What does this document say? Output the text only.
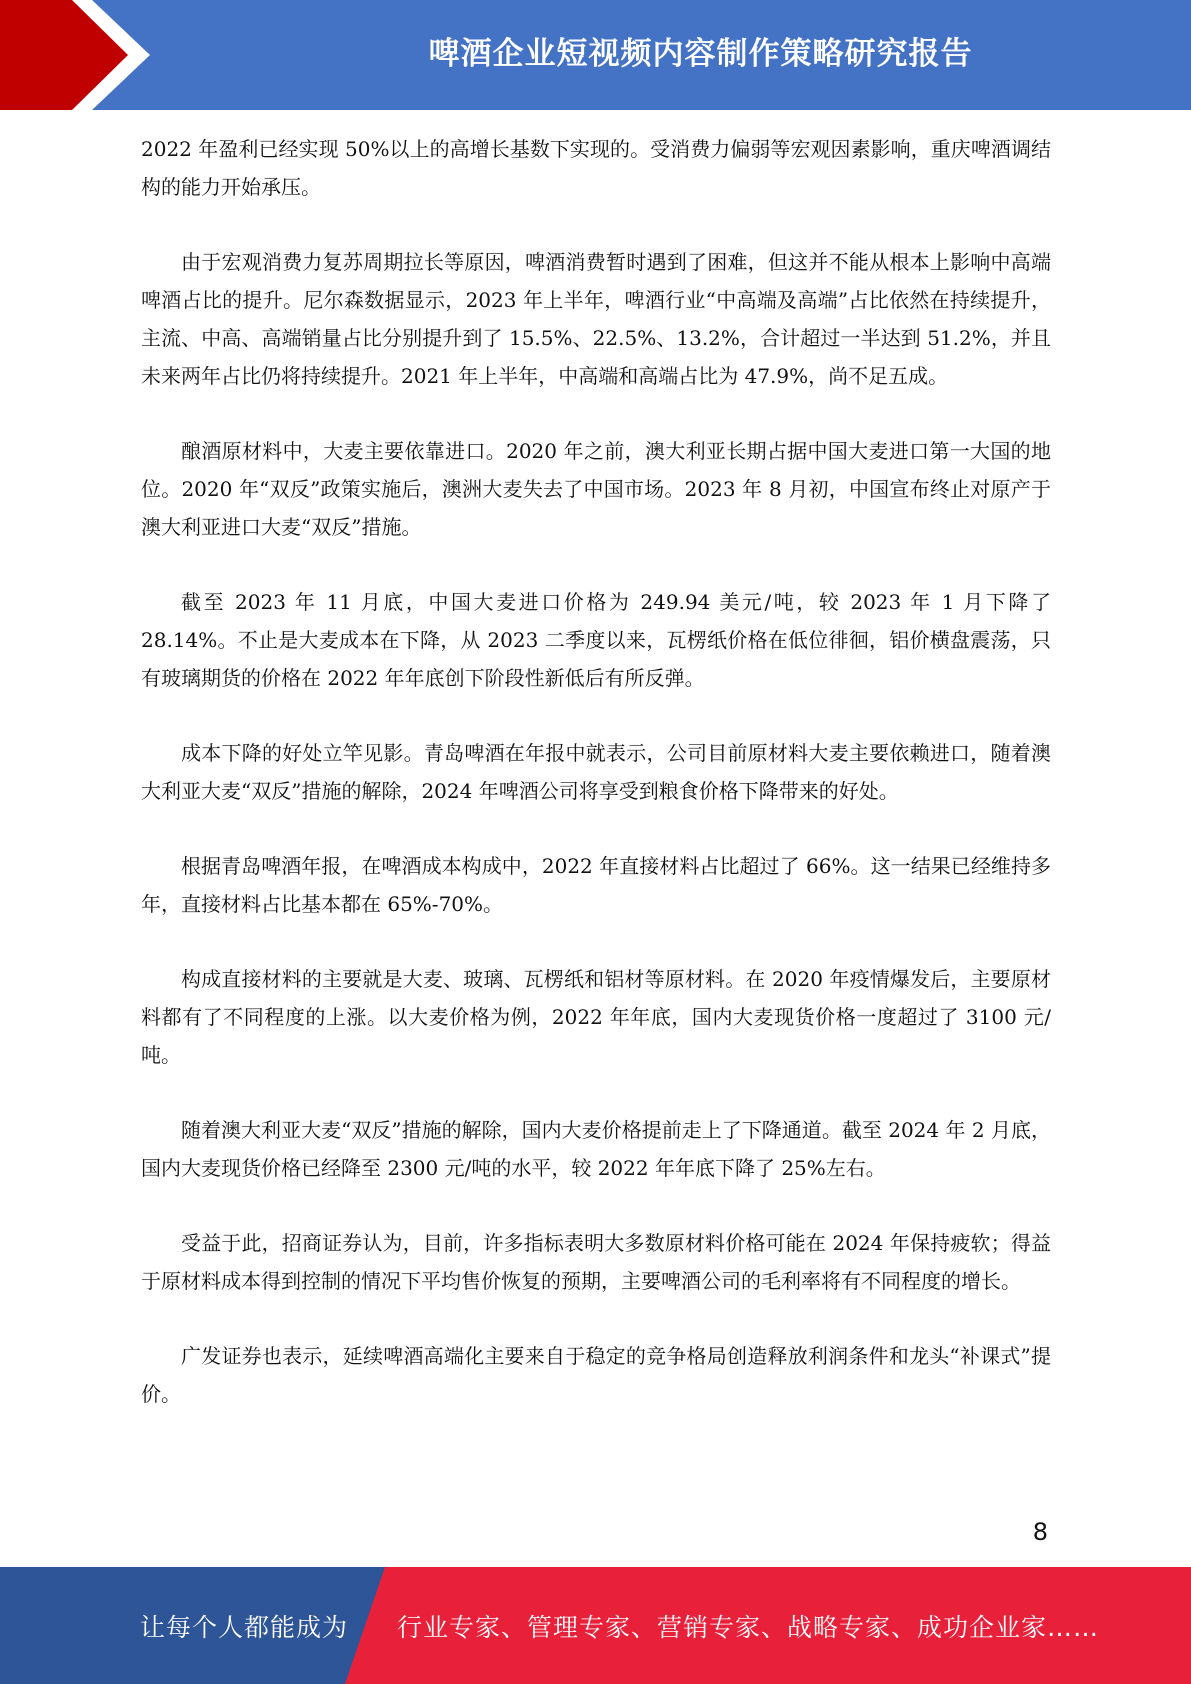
啤酒企业短视频内容制作策略研究报告

2022 年盈利已经实现 50%以上的高增长基数下实现的。受消费力偏弱等宏观因素影响，重庆啤酒调结构的能力开始承压。

由于宏观消费力复苏周期拉长等原因，啤酒消费暂时遇到了困难，但这并不能从根本上影响中高端啤酒占比的提升。尼尔森数据显示，2023 年上半年，啤酒行业“中高端及高端”占比依然在持续提升，主流、中高、高端销量占比分别提升到了 15.5%、22.5%、13.2%，合计超过一半达到 51.2%，并且未来两年占比仍将持续提升。2021 年上半年，中高端和高端占比为 47.9%，尚不足五成。

酿酒原材料中，大麦主要依靠进口。2020 年之前，澳大利亚长期占据中国大麦进口第一大国的地位。2020 年“双反”政策实施后，澳洲大麦失去了中国市场。2023 年 8 月初，中国宣布终止对原产于澳大利亚进口大麦“双反”措施。

截至 2023 年 11 月底，中国大麦进口价格为 249.94 美元/吨，较 2023 年 1 月下降了 28.14%。不止是大麦成本在下降，从 2023 二季度以来，瓦楞纸价格在低位徘徊，铝价横盘震荡，只有玻璃期货的价格在 2022 年年底创下阶段性新低后有所反弹。

成本下降的好处立竿见影。青岛啤酒在年报中就表示，公司目前原材料大麦主要依赖进口，随着澳大利亚大麦“双反”措施的解除，2024 年啤酒公司将享受到粮食价格下降带来的好处。

根据青岛啤酒年报，在啤酒成本构成中，2022 年直接材料占比超过了 66%。这一结果已经维持多年，直接材料占比基本都在 65%-70%。

构成直接材料的主要就是大麦、玻璃、瓦楞纸和铝材等原材料。在 2020 年疫情爆发后，主要原材料都有了不同程度的上涨。以大麦价格为例，2022 年年底，国内大麦现货价格一度超过了 3100 元/吨。

随着澳大利亚大麦“双反”措施的解除，国内大麦价格提前走上了下降通道。截至 2024 年 2 月底，国内大麦现货价格已经降至 2300 元/吨的水平，较 2022 年年底下降了 25%左右。

受益于此，招商证券认为，目前，许多指标表明大多数原材料价格可能在 2024 年保持疲软；得益于原材料成本得到控制的情况下平均售价恢复的预期，主要啤酒公司的毛利率将有不同程度的增长。

广发证券也表示，延续啤酒高端化主要来自于稳定的竞争格局创造释放利润条件和龙头“补课式”提价。

8
让每个人都能成为 行业专家、管理专家、营销专家、战略专家、成功企业家……
